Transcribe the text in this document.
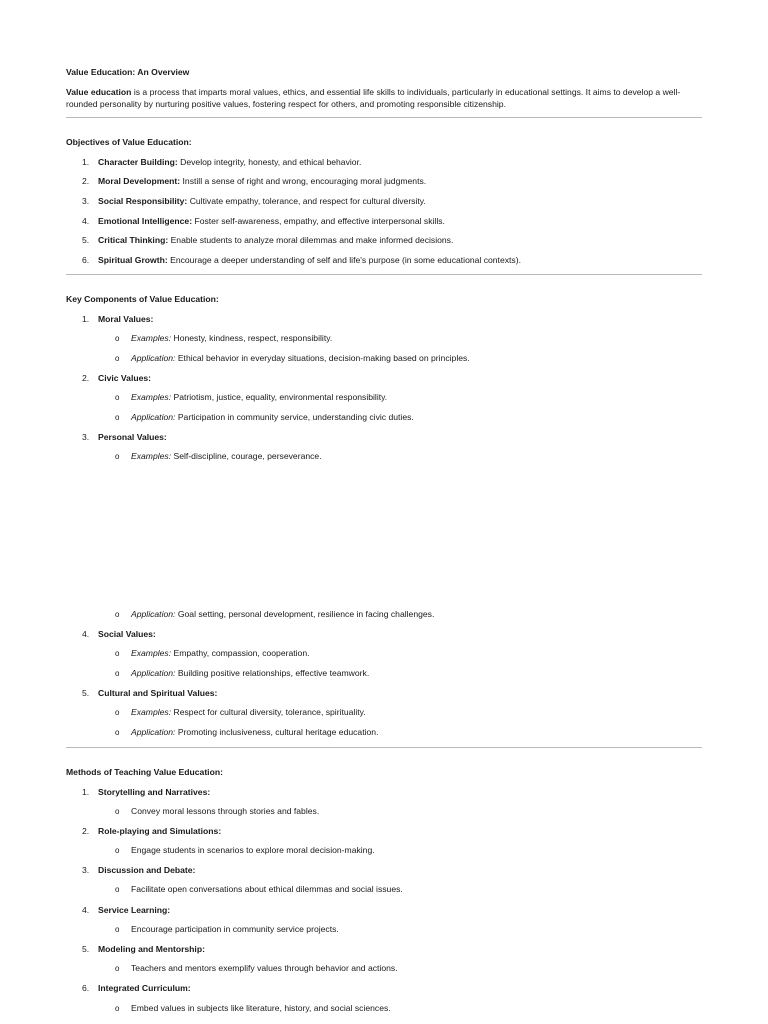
Value Education: An Overview
Value education is a process that imparts moral values, ethics, and essential life skills to individuals, particularly in educational settings. It aims to develop a well-rounded personality by nurturing positive values, fostering respect for others, and promoting responsible citizenship.
Objectives of Value Education:
1.	Character Building: Develop integrity, honesty, and ethical behavior.
2.	Moral Development: Instill a sense of right and wrong, encouraging moral judgments.
3.	Social Responsibility: Cultivate empathy, tolerance, and respect for cultural diversity.
4.	Emotional Intelligence: Foster self-awareness, empathy, and effective interpersonal skills.
5.	Critical Thinking: Enable students to analyze moral dilemmas and make informed decisions.
6.	Spiritual Growth: Encourage a deeper understanding of self and life's purpose (in some educational contexts).
Key Components of Value Education:
1.	Moral Values:
o Examples: Honesty, kindness, respect, responsibility.
o Application: Ethical behavior in everyday situations, decision-making based on principles.
2.	Civic Values:
o Examples: Patriotism, justice, equality, environmental responsibility.
o Application: Participation in community service, understanding civic duties.
3.	Personal Values:
o Examples: Self-discipline, courage, perseverance.
o Application: Goal setting, personal development, resilience in facing challenges.
4.	Social Values:
o Examples: Empathy, compassion, cooperation.
o Application: Building positive relationships, effective teamwork.
5.	Cultural and Spiritual Values:
o Examples: Respect for cultural diversity, tolerance, spirituality.
o Application: Promoting inclusiveness, cultural heritage education.
Methods of Teaching Value Education:
1.	Storytelling and Narratives:
o Convey moral lessons through stories and fables.
2.	Role-playing and Simulations:
o Engage students in scenarios to explore moral decision-making.
3.	Discussion and Debate:
o Facilitate open conversations about ethical dilemmas and social issues.
4.	Service Learning:
o Encourage participation in community service projects.
5.	Modeling and Mentorship:
o Teachers and mentors exemplify values through behavior and actions.
6.	Integrated Curriculum:
o Embed values in subjects like literature, history, and social sciences.
